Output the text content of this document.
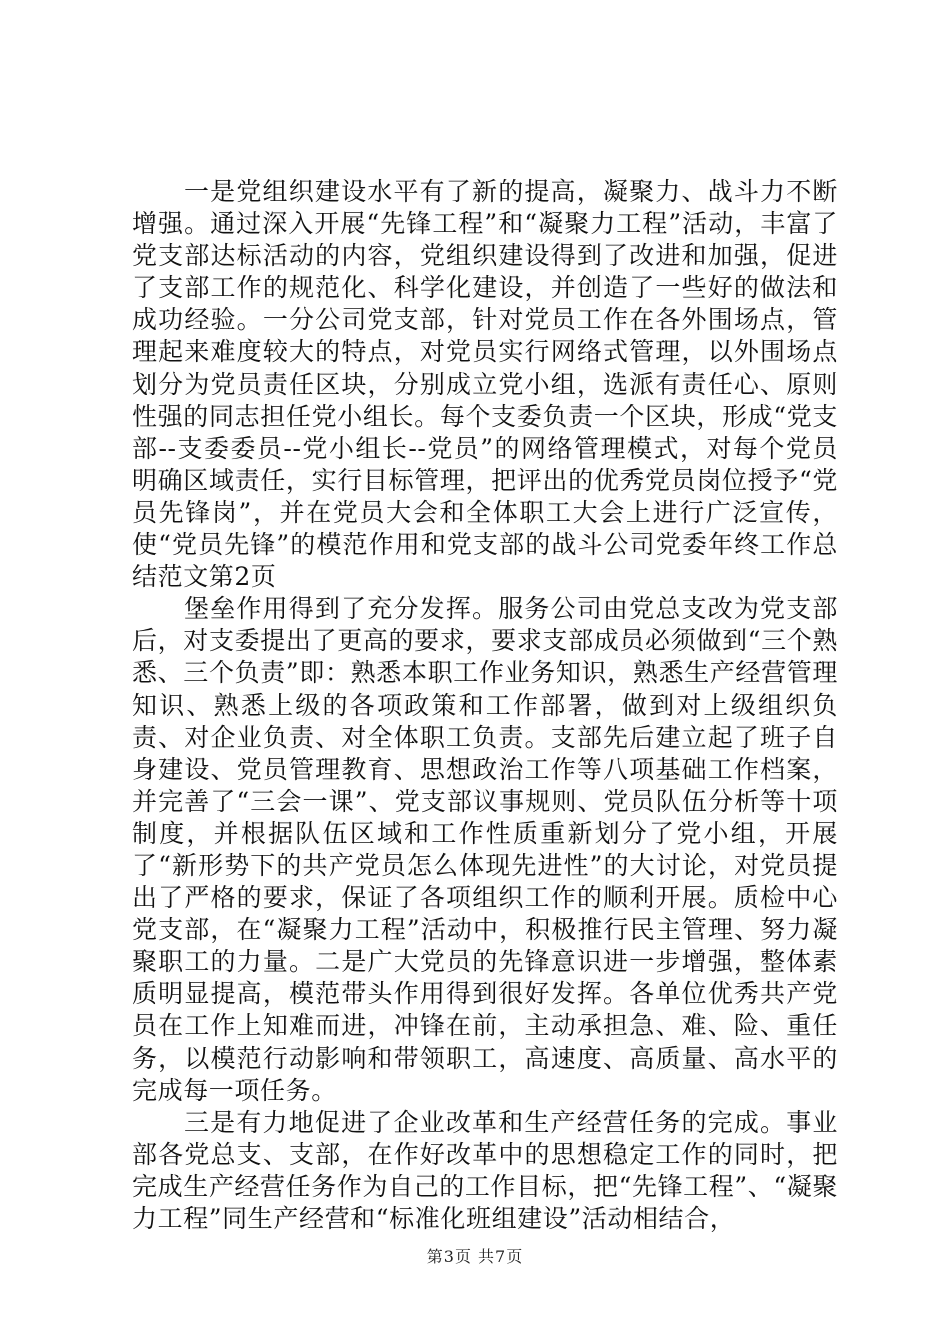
一是党组织建设水平有了新的提高，凝聚力、战斗力不断增强。通过深入开展“先锋工程”和“凝聚力工程”活动，丰富了党支部达标活动的内容，党组织建设得到了改进和加强，促进了支部工作的规范化、科学化建设，并创造了一些好的做法和成功经验。一分公司党支部，针对党员工作在各外围场点，管理起来难度较大的特点，对党员实行网络式管理，以外围场点划分为党员责任区块，分别成立党小组，选派有责任心、原则性强的同志担任党小组长。每个支委负责一个区块，形成“党支部--支委委员--党小组长--党员”的网络管理模式，对每个党员明确区域责任，实行目标管理，把评出的优秀党员岗位授予“党员先锋岗”，并在党员大会和全体职工大会上进行广泛宣传，使“党员先锋”的模范作用和党支部的战斗公司党委年终工作总结范文第2页

堡垒作用得到了充分发挥。服务公司由党总支改为党支部后，对支委提出了更高的要求，要求支部成员必须做到“三个熟悉、三个负责”即：熟悉本职工作业务知识，熟悉生产经营管理知识、熟悉上级的各项政策和工作部署，做到对上级组织负责、对企业负责、对全体职工负责。支部先后建立起了班子自身建设、党员管理教育、思想政治工作等八项基础工作档案，并完善了“三会一课”、党支部议事规则、党员队伍分析等十项制度，并根据队伍区域和工作性质重新划分了党小组，开展了“新形势下的共产党员怎么体现先进性”的大讨论，对党员提出了严格的要求，保证了各项组织工作的顺利开展。质检中心党支部，在“凝聚力工程”活动中，积极推行民主管理、努力凝聚职工的力量。二是广大党员的先锋意识进一步增强，整体素质明显提高，模范带头作用得到很好发挥。各单位优秀共产党员在工作上知难而进，冲锋在前，主动承担急、难、险、重任务，以模范行动影响和带领职工，高速度、高质量、高水平的完成每一项任务。

三是有力地促进了企业改革和生产经营任务的完成。事业部各党总支、支部，在作好改革中的思想稳定工作的同时，把完成生产经营任务作为自己的工作目标，把“先锋工程”、“凝聚力工程”同生产经营和“标准化班组建设”活动相结合，

第3页 共7页
